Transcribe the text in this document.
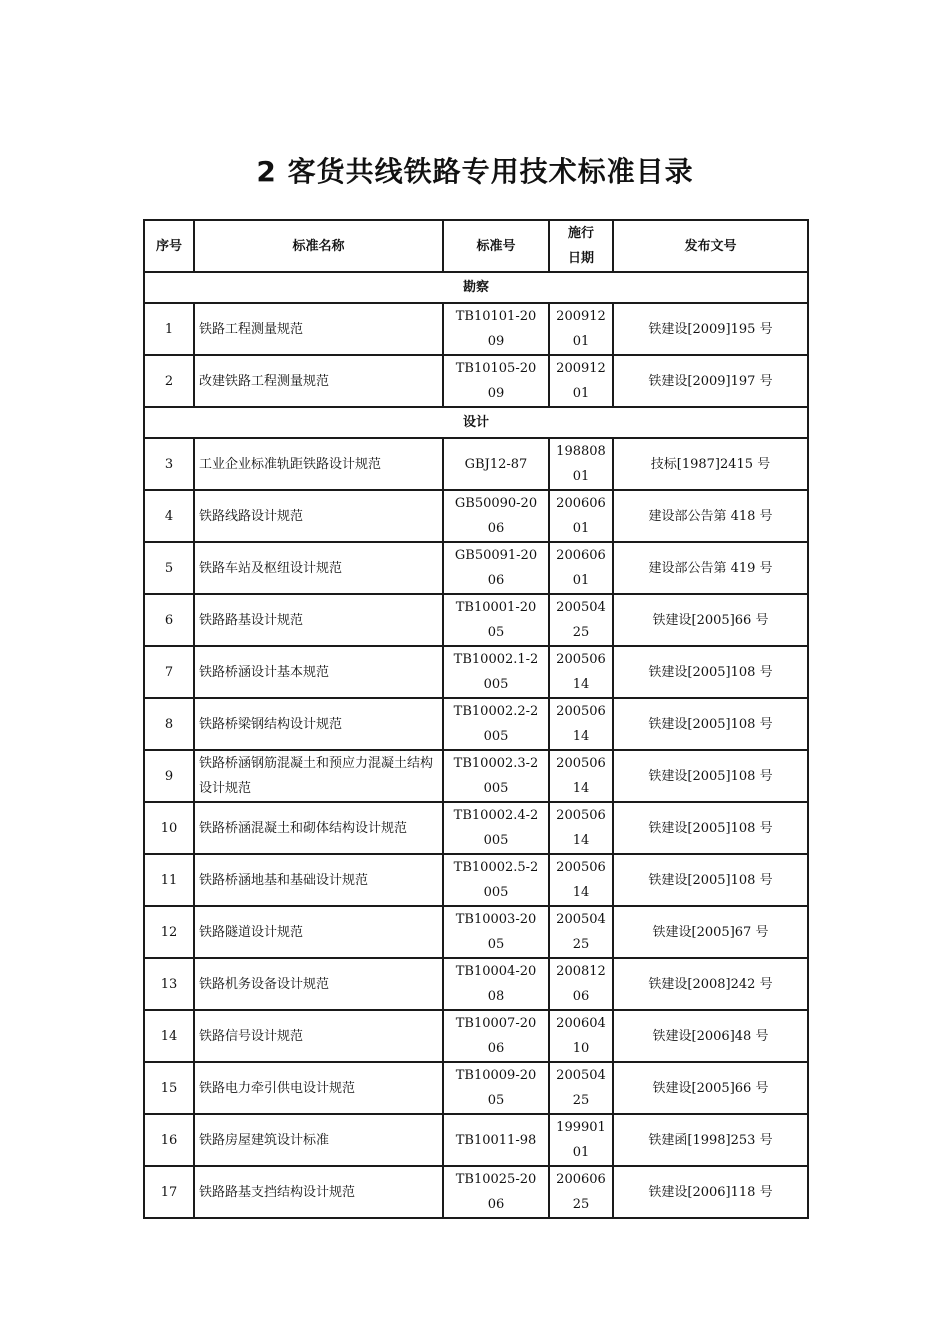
2 客货共线铁路专用技术标准目录
序号	标准名称	标准号	施行日期	发布文号
勘察				
1	铁路工程测量规范	TB10101-2009	20091201	铁建设[2009]195 号
2	改建铁路工程测量规范	TB10105-2009	20091201	铁建设[2009]197 号
设计				
3	工业企业标准轨距铁路设计规范	GBJ12-87	19880801	技标[1987]2415 号
4	铁路线路设计规范	GB50090-2006	20060601	建设部公告第 418 号
5	铁路车站及枢纽设计规范	GB50091-2006	20060601	建设部公告第 419 号
6	铁路路基设计规范	TB10001-2005	20050425	铁建设[2005]66 号
7	铁路桥涵设计基本规范	TB10002.1-2005	20050614	铁建设[2005]108 号
8	铁路桥梁钢结构设计规范	TB10002.2-2005	20050614	铁建设[2005]108 号
9	铁路桥涵钢筋混凝土和预应力混凝土结构设计规范	TB10002.3-2005	20050614	铁建设[2005]108 号
10	铁路桥涵混凝土和砌体结构设计规范	TB10002.4-2005	20050614	铁建设[2005]108 号
11	铁路桥涵地基和基础设计规范	TB10002.5-2005	20050614	铁建设[2005]108 号
12	铁路隧道设计规范	TB10003-2005	20050425	铁建设[2005]67 号
13	铁路机务设备设计规范	TB10004-2008	20081206	铁建设[2008]242 号
14	铁路信号设计规范	TB10007-2006	20060410	铁建设[2006]48 号
15	铁路电力牵引供电设计规范	TB10009-2005	20050425	铁建设[2005]66 号
16	铁路房屋建筑设计标准	TB10011-98	19990101	铁建函[1998]253 号
17	铁路路基支挡结构设计规范	TB10025-2006	20060625	铁建设[2006]118 号
